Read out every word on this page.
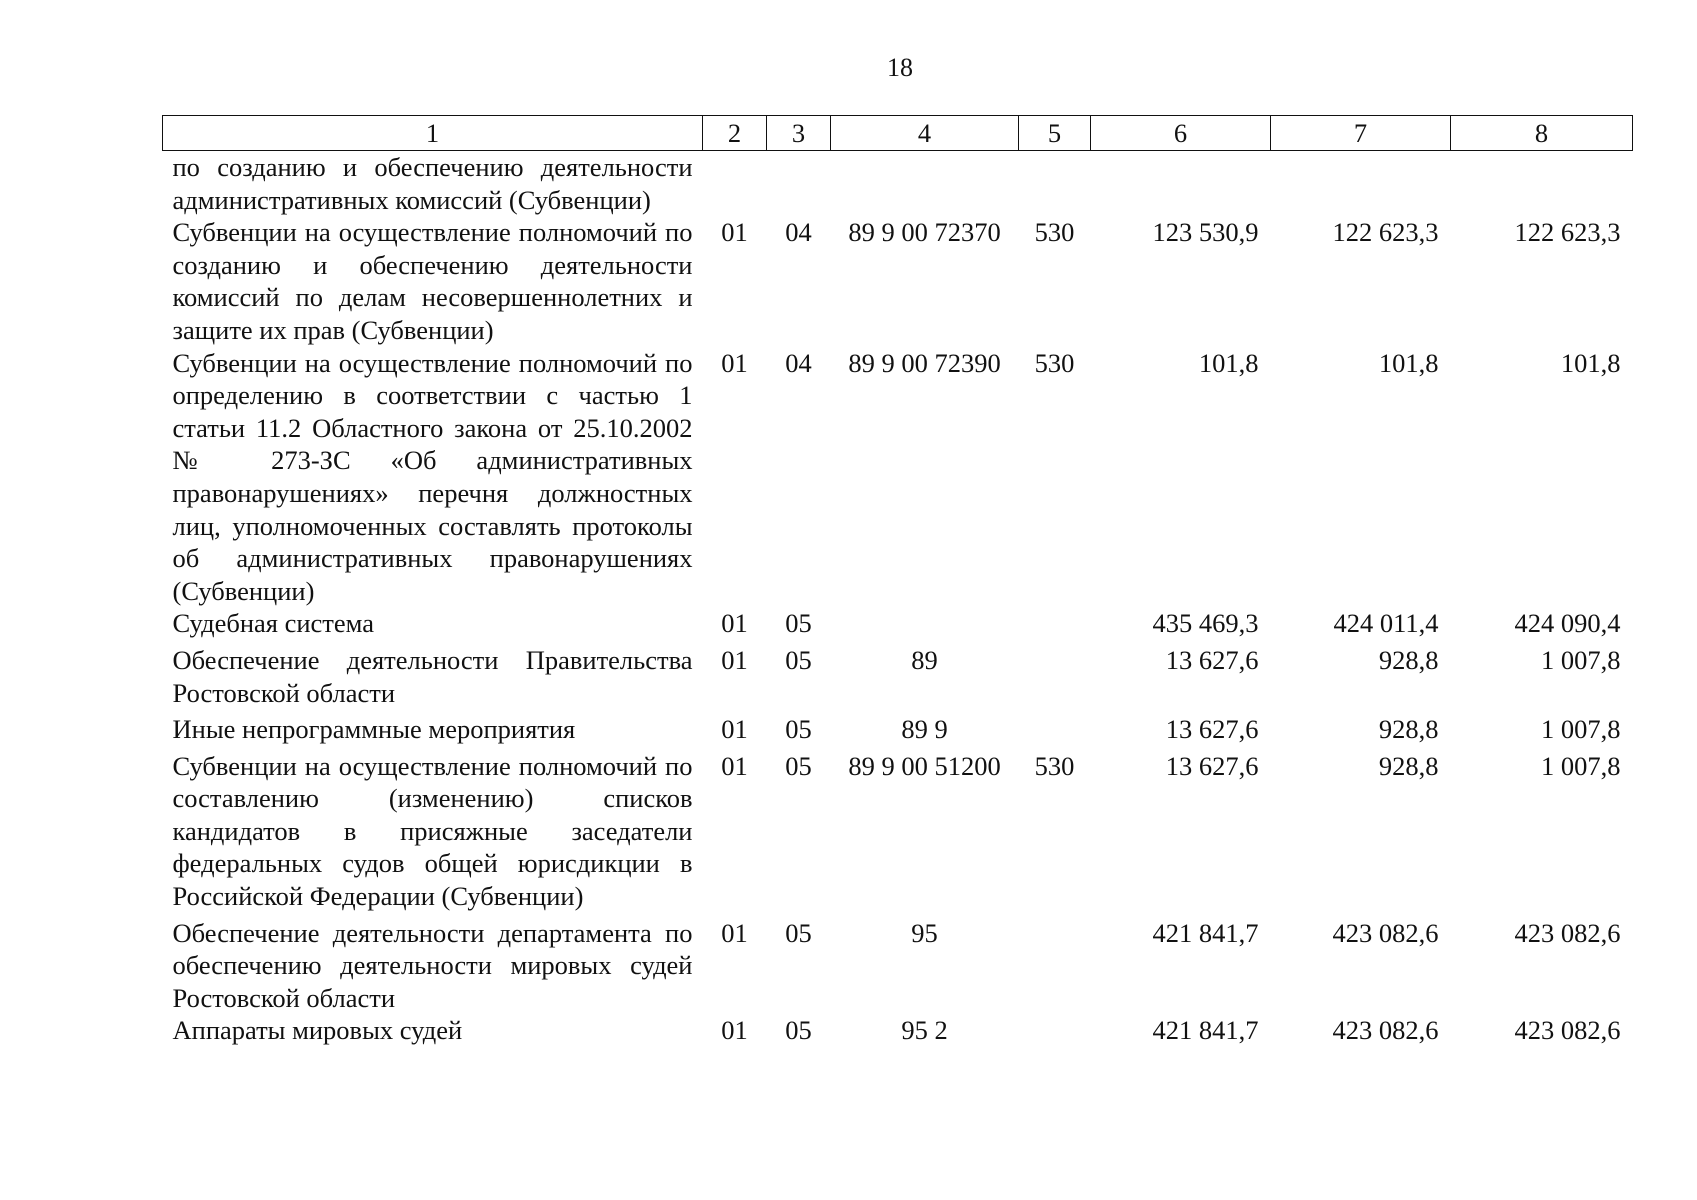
18
1	2	3	4	5	6	7	8
по созданию и обеспечению деятельности административных комиссий (Субвенции)							
Субвенции на осуществление полномочий по созданию и обеспечению деятельности комиссий по делам несовершеннолетних и защите их прав (Субвенции)	01	04	89 9 00 72370	530	123 530,9	122 623,3	122 623,3
Субвенции на осуществление полномочий по определению в соответствии с частью 1 статьи 11.2 Областного закона от 25.10.2002 № 273-ЗС «Об административных правонарушениях» перечня должностных лиц, уполномоченных составлять протоколы об административных правонарушениях (Субвенции)	01	04	89 9 00 72390	530	101,8	101,8	101,8
Судебная система	01	05			435 469,3	424 011,4	424 090,4
Обеспечение деятельности Правительства Ростовской области	01	05	89		13 627,6	928,8	1 007,8
Иные непрограммные мероприятия	01	05	89 9		13 627,6	928,8	1 007,8
Субвенции на осуществление полномочий по составлению (изменению) списков кандидатов в присяжные заседатели федеральных судов общей юрисдикции в Российской Федерации (Субвенции)	01	05	89 9 00 51200	530	13 627,6	928,8	1 007,8
Обеспечение деятельности департамента по обеспечению деятельности мировых судей Ростовской области	01	05	95		421 841,7	423 082,6	423 082,6
Аппараты мировых судей	01	05	95 2		421 841,7	423 082,6	423 082,6
